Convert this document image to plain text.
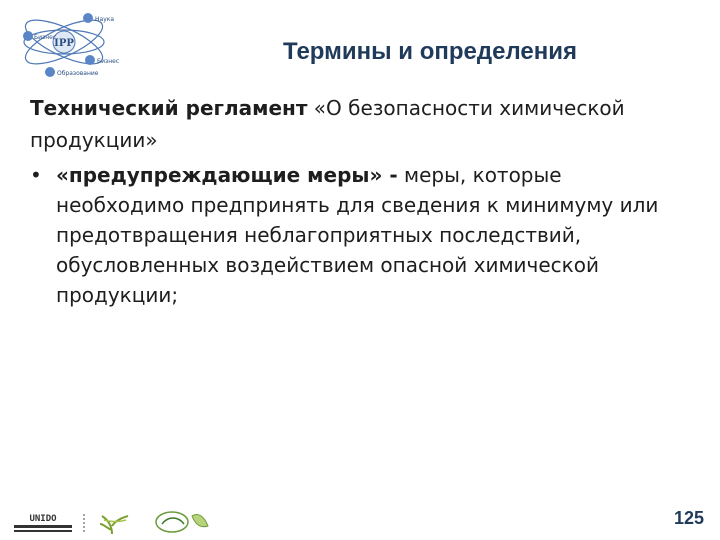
IPP
Наука
Бизнес
Бизнес
Образование
Термины и определения

Технический регламент «О безопасности химической продукции»

• «предупреждающие меры» - меры, которые необходимо предпринять для сведения к минимуму или предотвращения неблагоприятных последствий, обусловленных воздействием опасной химической продукции;
UNIDO	125
